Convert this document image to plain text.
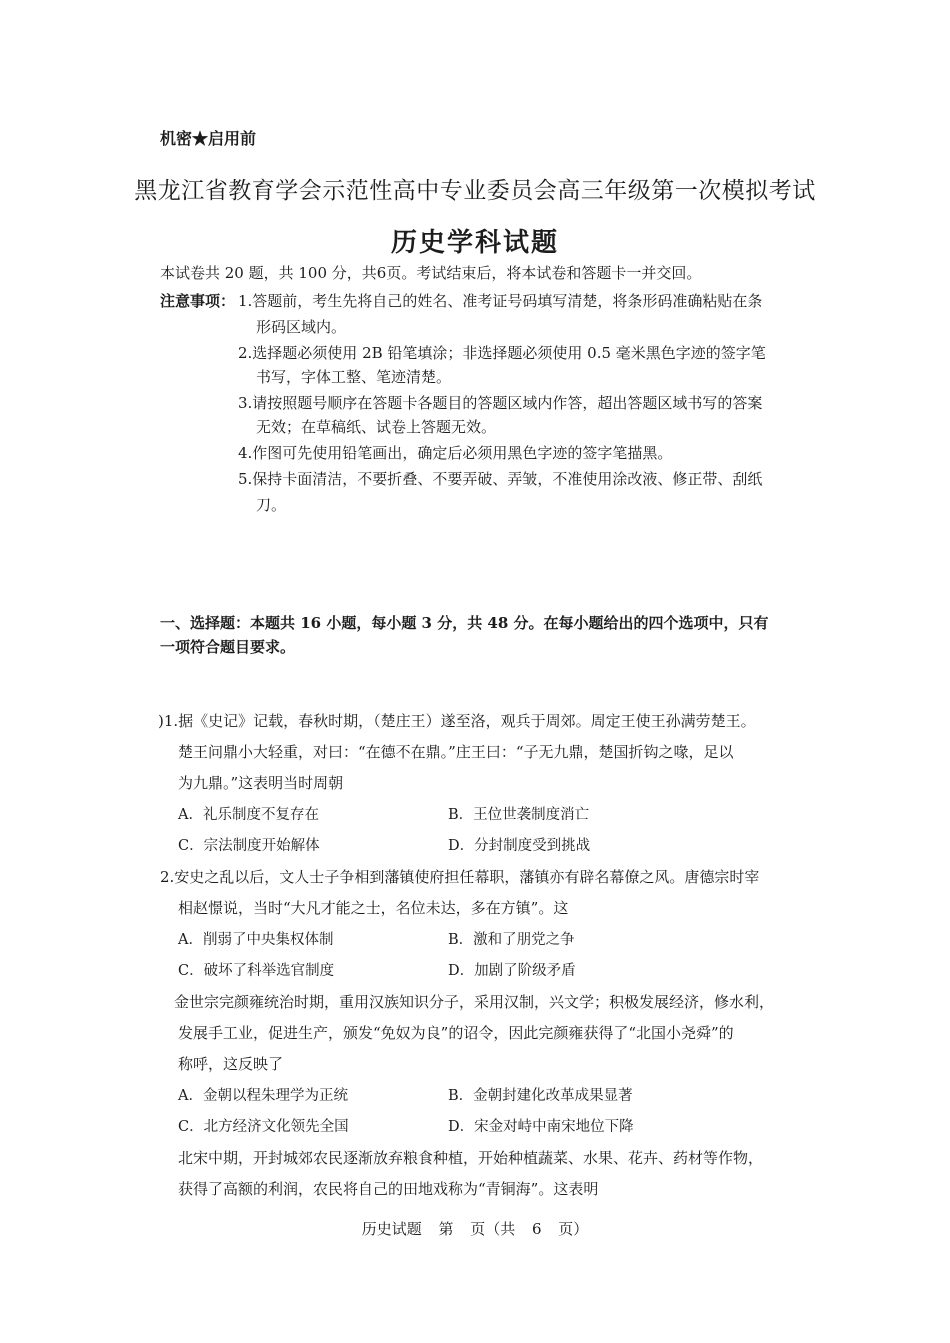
机密★启用前
黑龙江省教育学会示范性高中专业委员会高三年级第一次模拟考试
历史学科试题
本试卷共 20 题，共 100 分，共6页。考试结束后，将本试卷和答题卡一并交回。
注意事项： 1.答题前，考生先将自己的姓名、准考证号码填写清楚，将条形码准确粘贴在条
形码区域内。
2.选择题必须使用 2B 铅笔填涂；非选择题必须使用 0.5 毫米黑色字迹的签字笔
书写，字体工整、笔迹清楚。
3.请按照题号顺序在答题卡各题目的答题区域内作答，超出答题区域书写的答案
无效；在草稿纸、试卷上答题无效。
4.作图可先使用铅笔画出，确定后必须用黑色字迹的签字笔描黑。
5.保持卡面清洁，不要折叠、不要弄破、弄皱，不准使用涂改液、修正带、刮纸
刀。
一、选择题：本题共 16 小题，每小题 3 分，共 48 分。在每小题给出的四个选项中，只有
一项符合题目要求。
)1.据《史记》记载，春秋时期，（楚庄王）遂至洛，观兵于周郊。周定王使王孙满劳楚王。
楚王问鼎小大轻重，对曰：“在德不在鼎。”庄王曰：“子无九鼎，楚国折钩之喙，足以
为九鼎。”这表明当时周朝
A．礼乐制度不复存在	B．王位世袭制度消亡
C．宗法制度开始解体	D．分封制度受到挑战
2.安史之乱以后，文人士子争相到藩镇使府担任幕职，藩镇亦有辟名幕僚之风。唐德宗时宰
相赵憬说，当时“大凡才能之士，名位未达，多在方镇”。这
A．削弱了中央集权体制	B．激和了朋党之争
C．破坏了科举选官制度	D．加剧了阶级矛盾
金世宗完颜雍统治时期，重用汉族知识分子，采用汉制，兴文学；积极发展经济，修水利，
发展手工业，促进生产，颁发“免奴为良”的诏令，因此完颜雍获得了“北国小尧舜”的
称呼，这反映了
A．金朝以程朱理学为正统	B．金朝封建化改革成果显著
C．北方经济文化领先全国	D．宋金对峙中南宋地位下降
北宋中期，开封城郊农民逐渐放弃粮食种植，开始种植蔬菜、水果、花卉、药材等作物，
获得了高额的利润，农民将自己的田地戏称为“青铜海”。这表明
历史试题 第 页（共 6 页）
